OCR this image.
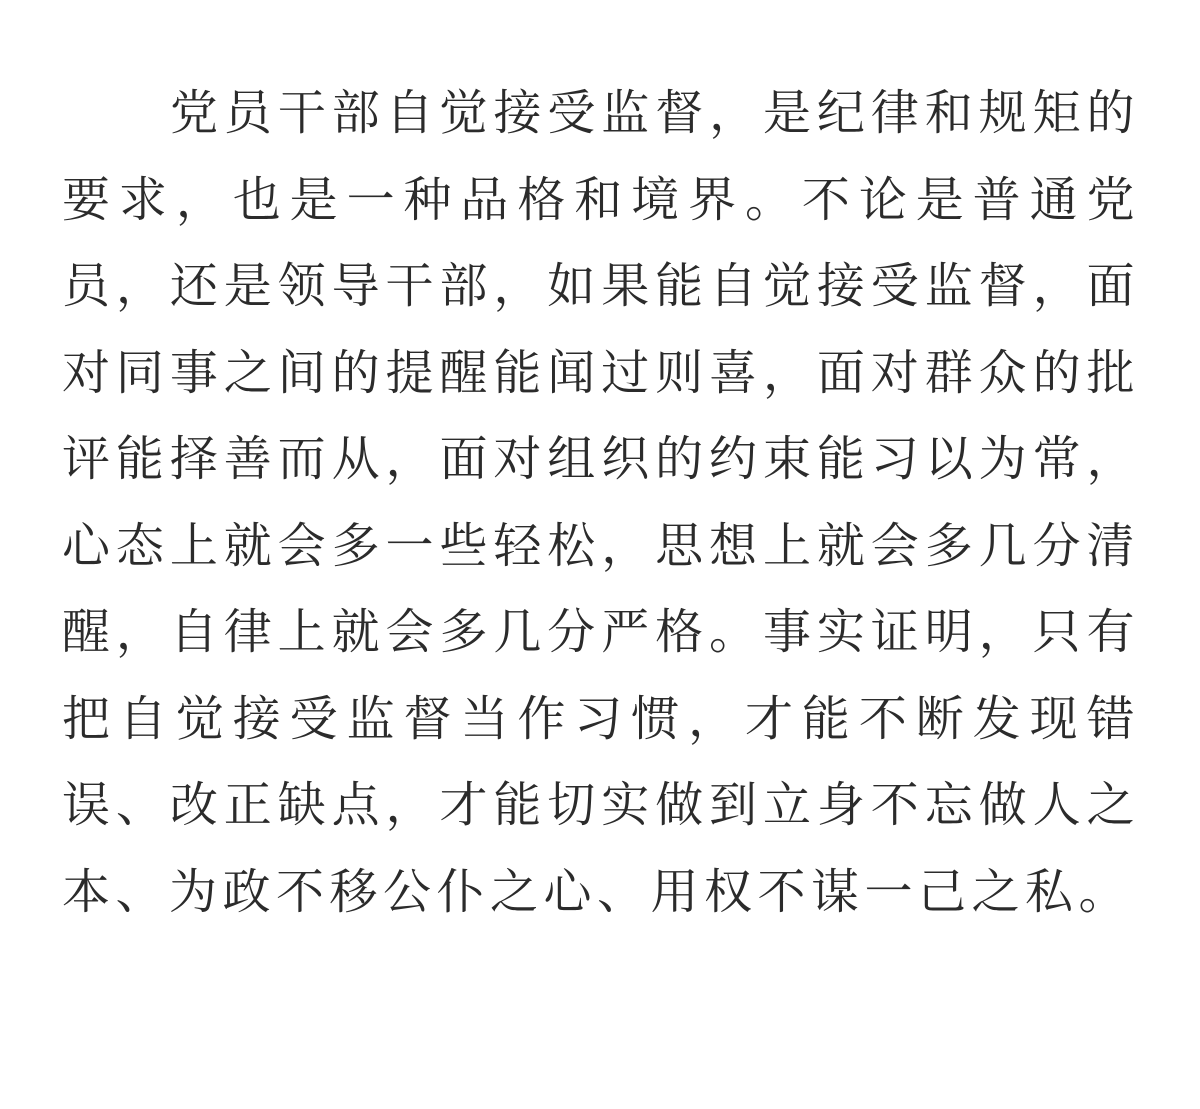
党员干部自觉接受监督，是纪律和规矩的要求，也是一种品格和境界。不论是普通党员，还是领导干部，如果能自觉接受监督，面对同事之间的提醒能闻过则喜，面对群众的批评能择善而从，面对组织的约束能习以为常，心态上就会多一些轻松，思想上就会多几分清醒，自律上就会多几分严格。事实证明，只有把自觉接受监督当作习惯，才能不断发现错误、改正缺点，才能切实做到立身不忘做人之本、为政不移公仆之心、用权不谋一己之私。
